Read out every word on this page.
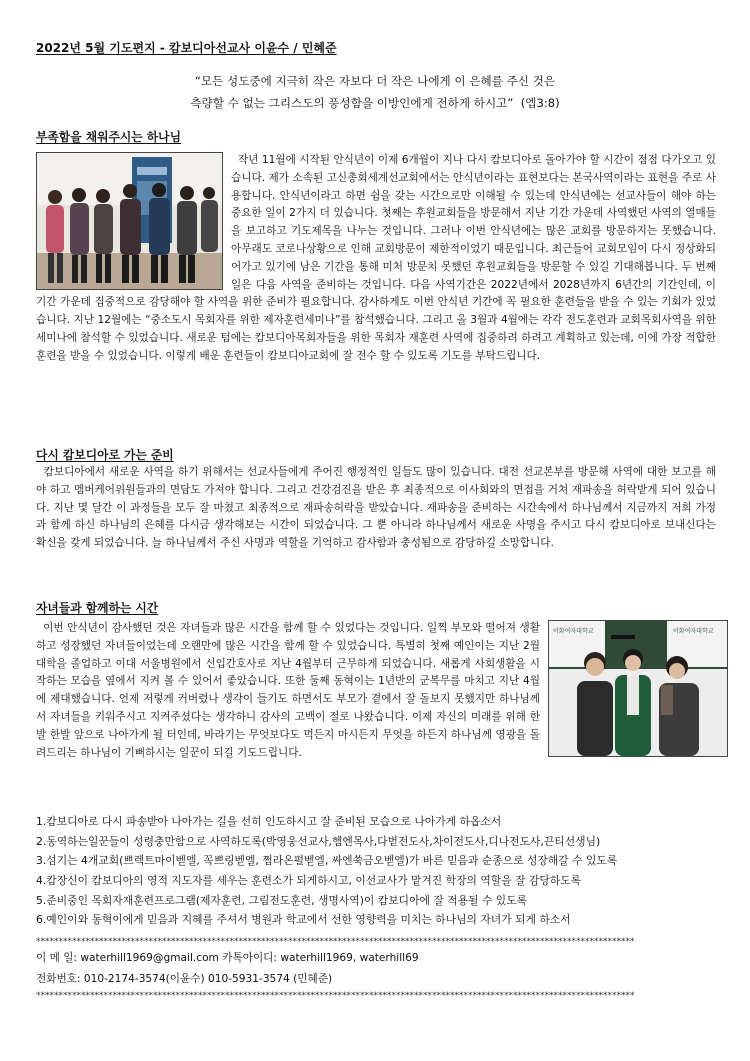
2022년 5월 기도편지 - 캄보디아선교사 이윤수 / 민혜준
“모든 성도중에 지극히 작은 자보다 더 작은 나에게 이 은혜를 주신 것은
측량할 수 없는 그리스도의 풍성함을 이방인에게 전하게 하시고” (엡3:8)
부족함을 채워주시는 하나님

작년 11월에 시작된 안식년이 이제 6개월이 지나 다시 캄보디아로 돌아가야 할 시간이 점점 다가오고 있습니다. 제가 소속된 고신총회세계선교회에서는 안식년이라는 표현보다는 본국사역이라는 표현을 주로 사용합니다. 안식년이라고 하면 쉼을 갖는 시간으로만 이해될 수 있는데 안식년에는 선교사들이 해야 하는 중요한 일이 2가지 더 있습니다. 첫째는 후원교회들을 방문해서 지난 기간 가운데 사역했던 사역의 열매들을 보고하고 기도제목을 나누는 것입니다. 그러나 이번 안식년에는 많은 교회를 방문하지는 못했습니다. 아무래도 코로나상황으로 인해 교회방문이 제한적이었기 때문입니다. 최근들어 교회모임이 다시 정상화되어가고 있기에 남은 기간을 통해 미처 방문치 못했던 후원교회들을 방문할 수 있길 기대해봅니다. 두 번째 일은 다음 사역을 준비하는 것입니다. 다음 사역기간은 2022년에서 2028년까지 6년간의 기간인데, 이 기간 가운데 집중적으로 감당해야 할 사역을 위한 준비가 필요합니다. 감사하게도 이번 안식년 기간에 꼭 필요한 훈련들을 받을 수 있는 기회가 있었습니다. 지난 12월에는 “중소도시 목회자를 위한 제자훈련세미나”를 참석했습니다. 그리고 올 3월과 4월에는 각각 전도훈련과 교회목회사역을 위한 세미나에 참석할 수 있었습니다. 새로운 텀에는 캄보디아목회자들을 위한 목회자 재훈련 사역에 집중하려 하려고 계획하고 있는데, 이에 가장 적합한 훈련을 받을 수 있었습니다. 이렇게 배운 훈련들이 캄보디아교회에 잘 전수 할 수 있도록 기도를 부탁드립니다.

다시 캄보디아로 가는 준비

캄보디아에서 새로운 사역을 하기 위해서는 선교사들에게 주어진 행정적인 일들도 많이 있습니다. 대전 선교본부를 방문해 사역에 대한 보고를 해야 하고 멤버케어위원들과의 면담도 가져야 합니다. 그리고 건강검진을 받은 후 최종적으로 이사회와의 면접을 거쳐 재파송을 허락받게 되어 있습니다. 지난 몇 달간 이 과정들을 모두 잘 마쳤고 최종적으로 재파송허락을 받았습니다. 재파송을 준비하는 시간속에서 하나님께서 지금까지 저희 가정과 함께 하신 하나님의 은혜를 다시금 생각해보는 시간이 되었습니다. 그 뿐 아니라 하나님께서 새로운 사명을 주시고 다시 캄보디아로 보내신다는 확신을 갖게 되었습니다. 늘 하나님께서 주신 사명과 역할을 기억하고 감사함과 충성됨으로 감당하길 소망합니다.

자녀들과 함께하는 시간
이화여자대학교	이화여자대학교

이번 안식년이 감사했던 것은 자녀들과 많은 시간을 함께 할 수 있었다는 것입니다. 일찍 부모와 떨어져 생활하고 성장했던 자녀들이었는데 오랜만에 많은 시간을 함께 할 수 있었습니다. 특별히 첫째 예인이는 지난 2월 대학을 졸업하고 이대 서울병원에서 신입간호사로 지난 4월부터 근무하게 되었습니다. 새롭게 사회생활을 시작하는 모습을 옆에서 지켜 볼 수 있어서 좋았습니다. 또한 둘째 동혁이는 1년반의 군복무를 마치고 지난 4월에 제대했습니다. 언제 저렇게 커버렸나 생각이 들기도 하면서도 부모가 곁에서 잘 돌보지 못했지만 하나님께서 자녀들을 키워주시고 지켜주셨다는 생각하니 감사의 고백이 절로 나왔습니다. 이제 자신의 미래를 위해 한발 한발 앞으로 나아가게 될 터인데, 바라기는 무엇보다도 먹든지 마시든지 무엇을 하든지 하나님께 영광을 돌려드리는 하나님이 기뻐하시는 일꾼이 되길 기도드립니다.

1.캄보디아로 다시 파송받아 나아가는 길을 선히 인도하시고 잘 준비된 모습으로 나아가게 하옵소서
2.동역하는일꾼들이 성령충만함으로 사역하도록(박영웅선교사,헴엔목사,다벋전도사,차이전도사,디나전도사,끈티선생님)
3.섬기는 4개교회(쁘렉트마이벧엘, 꼭쁘링벧엘, 쩜라온펄벧엘, 싸엔쑥금오벧엘)가 바른 믿음과 순종으로 성장해갈 수 있도록
4.캄장신이 캄보디아의 영적 지도자를 세우는 훈련소가 되게하시고, 이선교사가 맡겨진 학장의 역할을 잘 감당하도록
5.준비중인 목회자재훈련프로그램(제자훈련, 그림전도훈련, 생명사역)이 캄보디아에 잘 적용될 수 있도록
6.예인이와 동혁이에게 믿음과 지혜를 주셔서 병원과 학교에서 선한 영향력을 미치는 하나님의 자녀가 되게 하소서
*************************************************************************************************************************************
이 메 일: waterhill1969@gmail.com 카톡아이디: waterhill1969, waterhill69
전화번호: 010-2174-3574(이윤수) 010-5931-3574 (민혜준)
*************************************************************************************************************************************
